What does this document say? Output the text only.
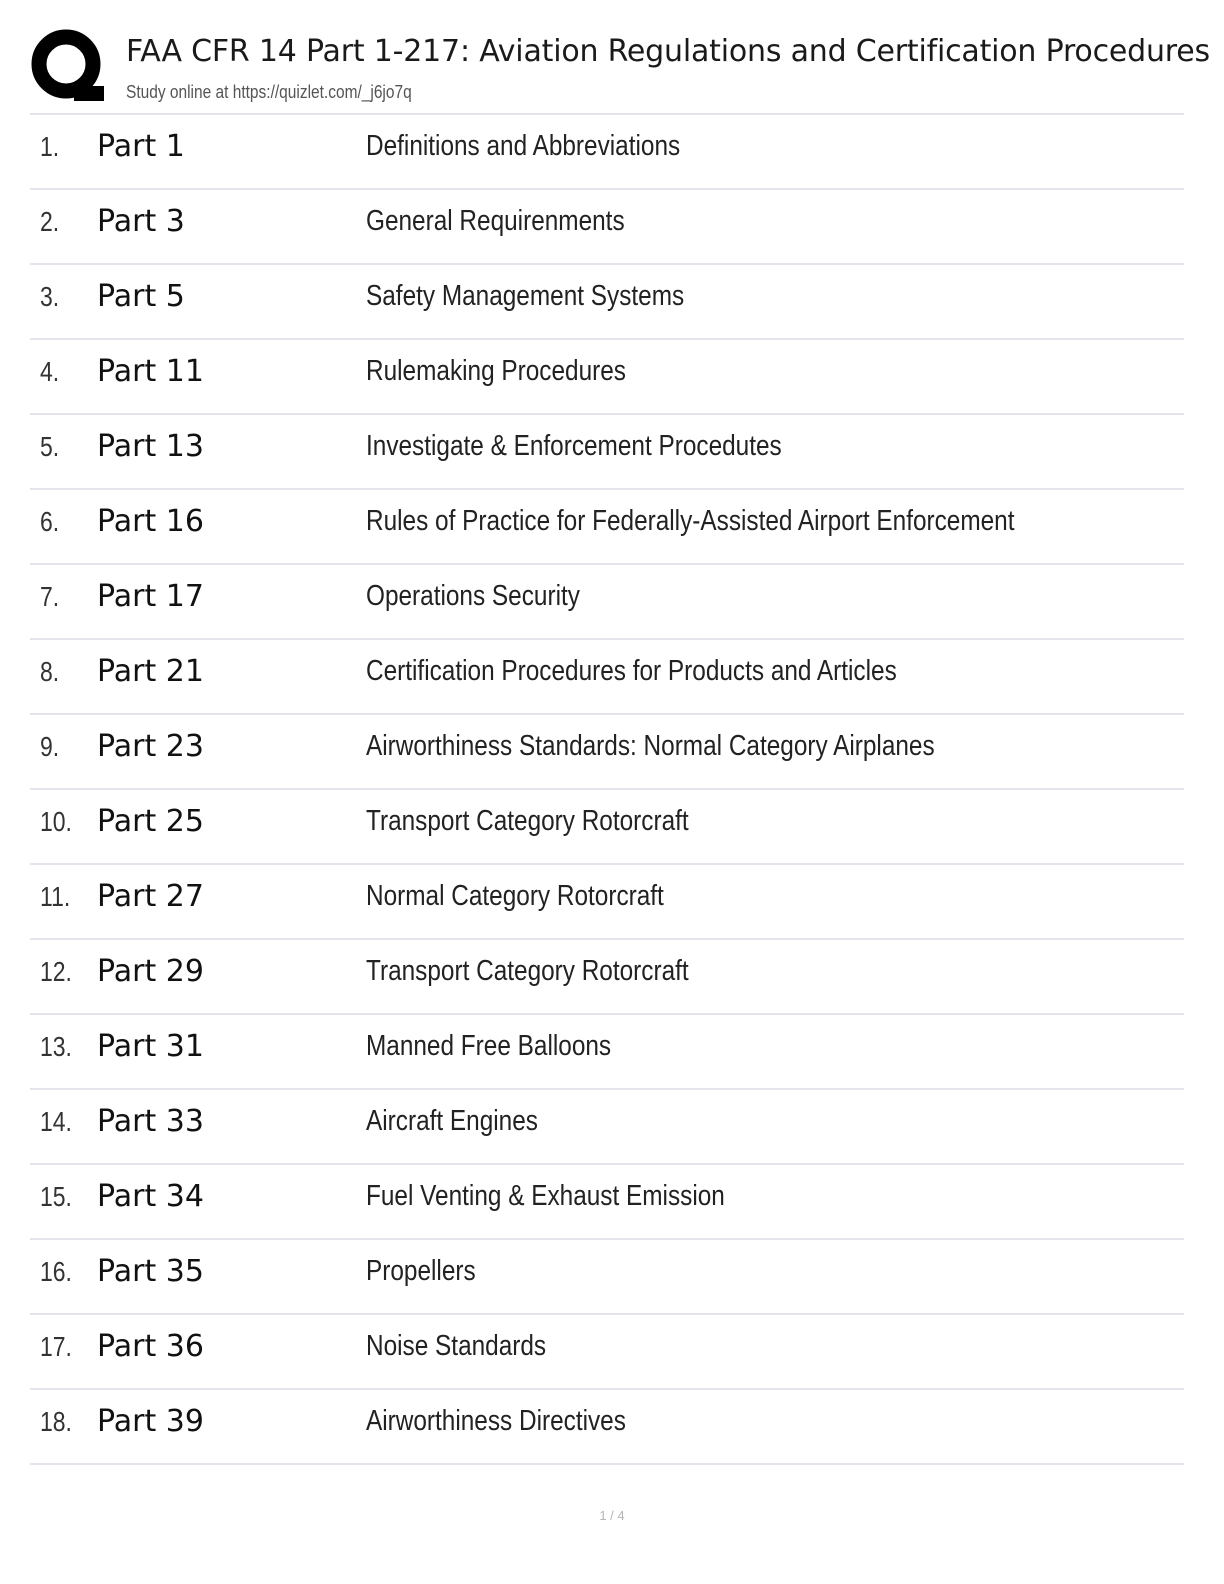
FAA CFR 14 Part 1-217: Aviation Regulations and Certification Procedures
Study online at https://quizlet.com/_j6jo7q
1. Part 1	Definitions and Abbreviations
2. Part 3	General Requirenments
3. Part 5	Safety Management Systems
4. Part 11	Rulemaking Procedures
5. Part 13	Investigate & Enforcement Procedutes
6. Part 16	Rules of Practice for Federally-Assisted Airport Enforcement
7. Part 17	Operations Security
8. Part 21	Certification Procedures for Products and Articles
9. Part 23	Airworthiness Standards: Normal Category Airplanes
10. Part 25	Transport Category Rotorcraft
11. Part 27	Normal Category Rotorcraft
12. Part 29	Transport Category Rotorcraft
13. Part 31	Manned Free Balloons
14. Part 33	Aircraft Engines
15. Part 34	Fuel Venting & Exhaust Emission
16. Part 35	Propellers
17. Part 36	Noise Standards
18. Part 39	Airworthiness Directives
1 / 4
